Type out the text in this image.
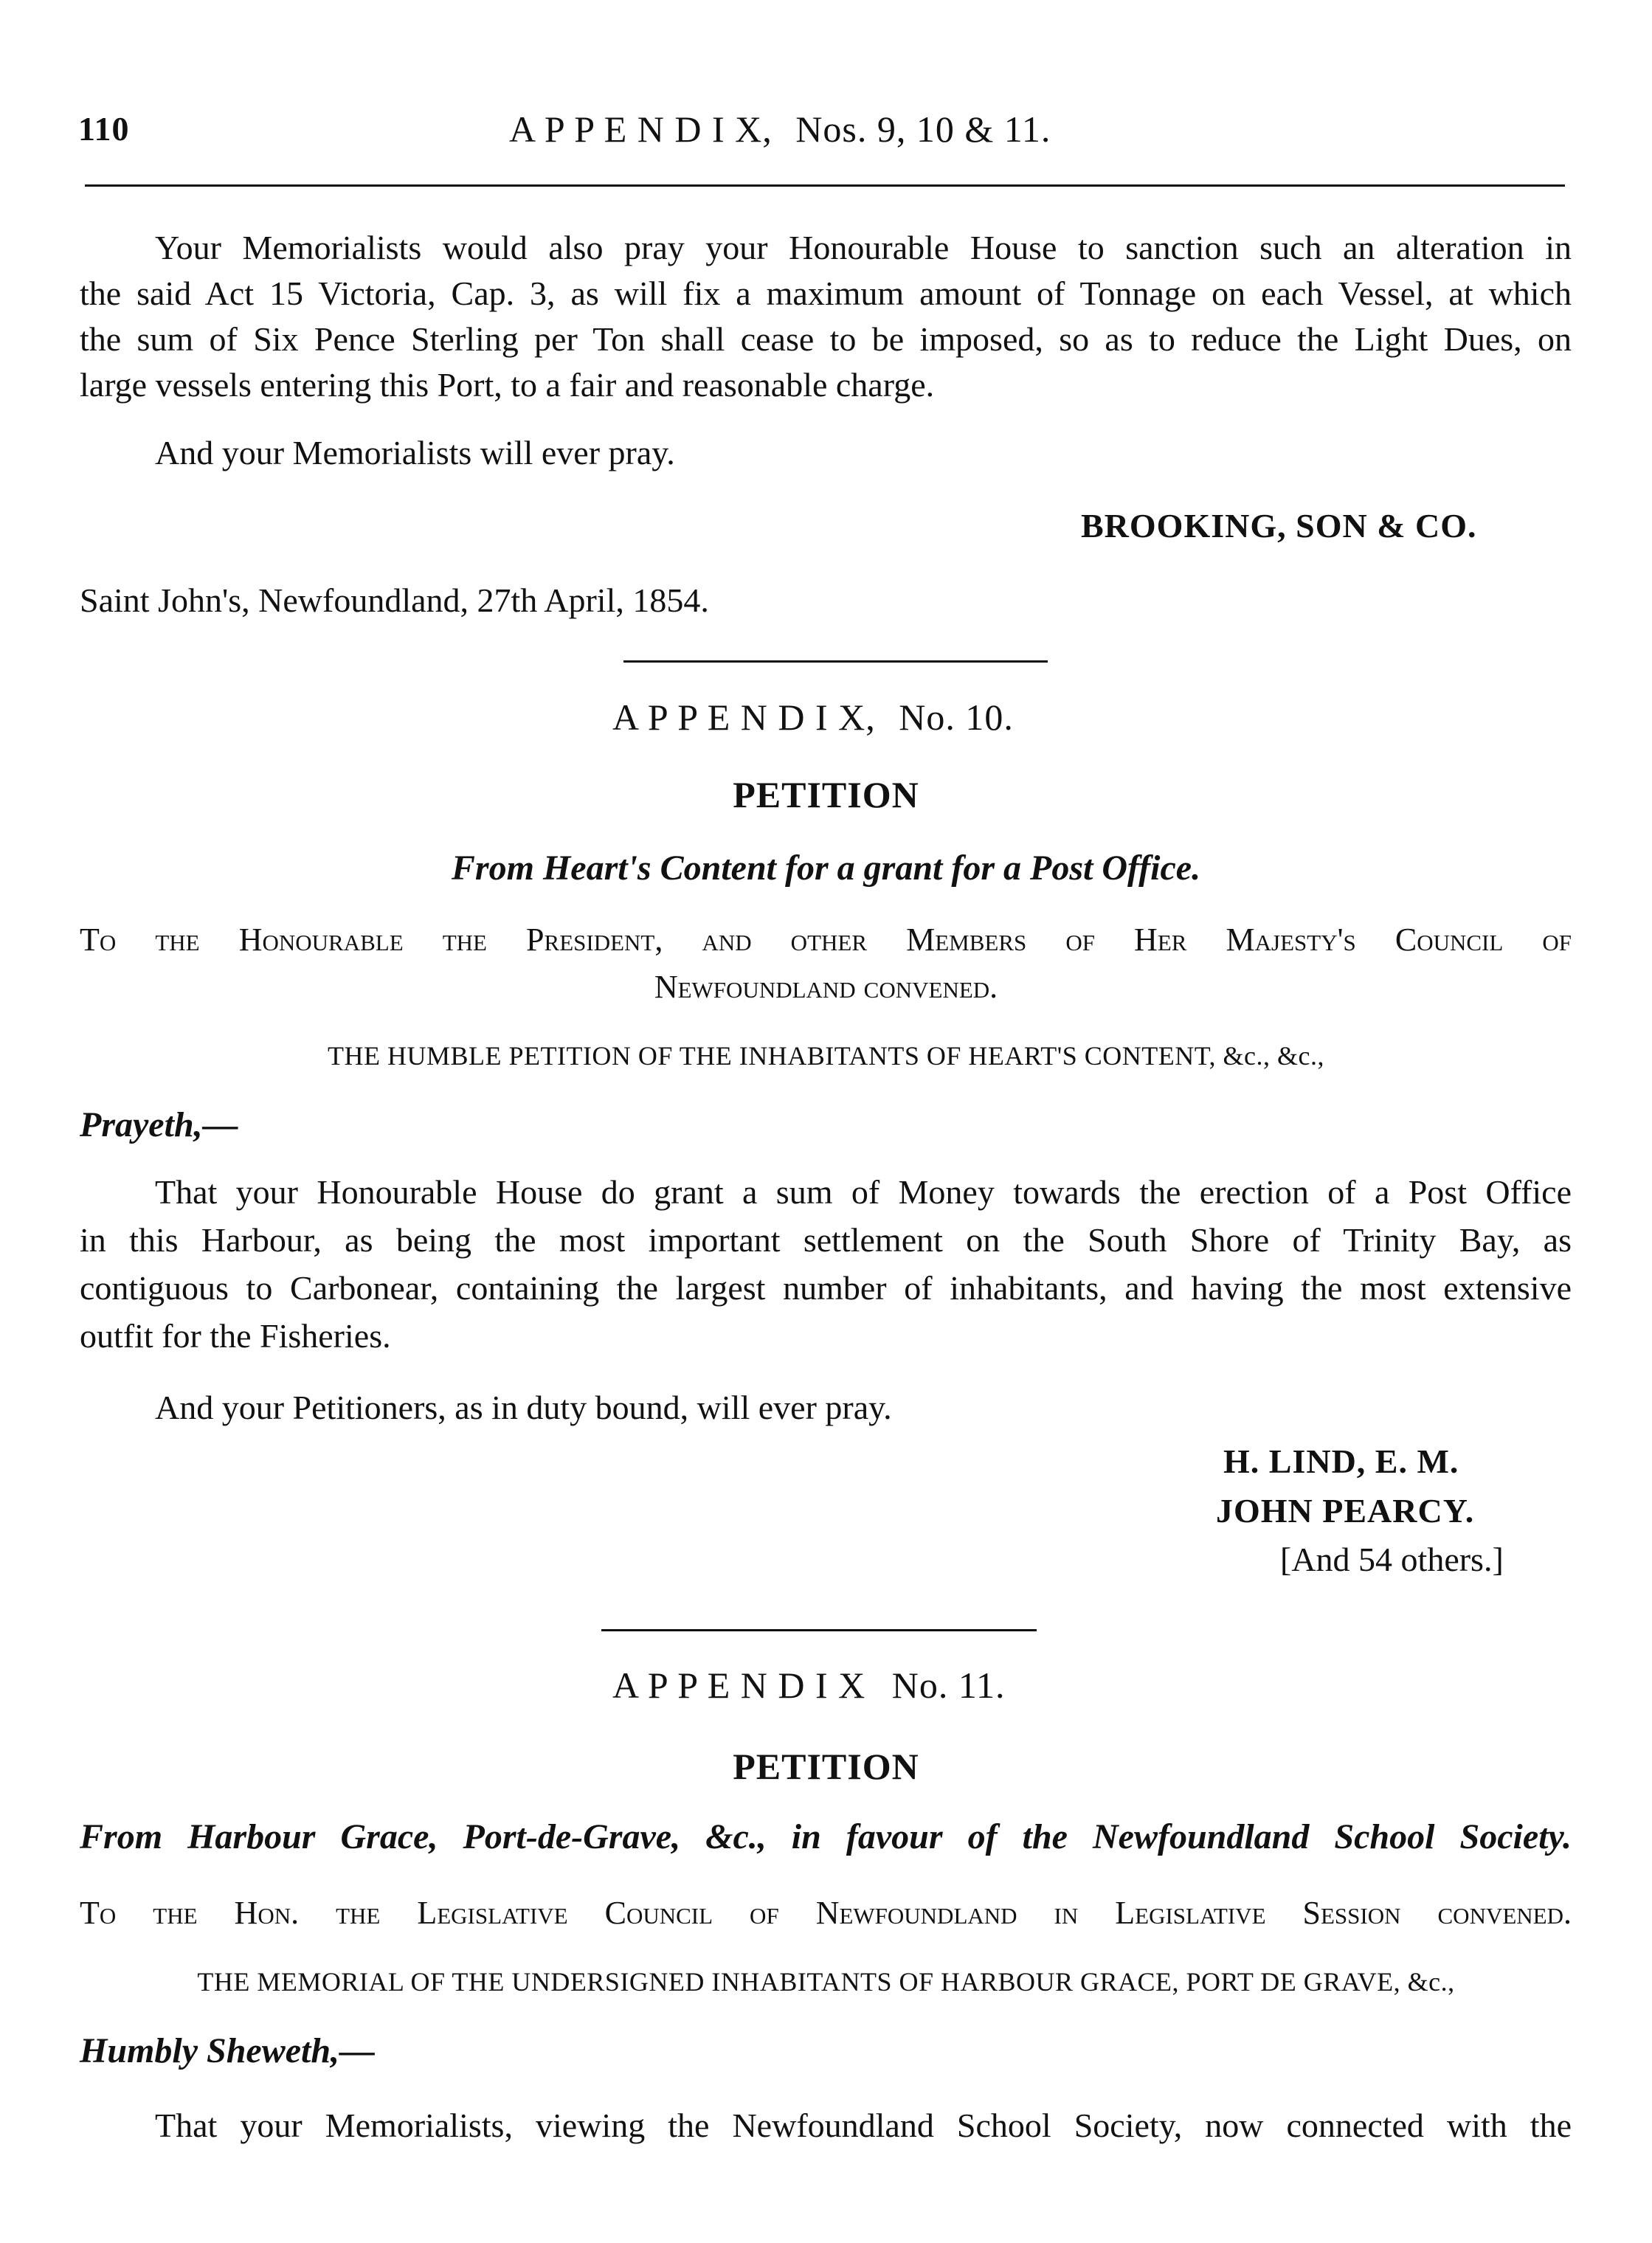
110	A P P E N D I X, Nos. 9, 10 & 11.
Your Memorialists would also pray your Honourable House to sanction such an alteration in
the said Act 15 Victoria, Cap. 3, as will fix a maximum amount of Tonnage on each Vessel, at which
the sum of Six Pence Sterling per Ton shall cease to be imposed, so as to reduce the Light Dues, on
large vessels entering this Port, to a fair and reasonable charge.
And your Memorialists will ever pray.
BROOKING, SON & CO.
Saint John's, Newfoundland, 27th April, 1854.
A P P E N D I X, No. 10.
PETITION
From Heart's Content for a grant for a Post Office.
To the Honourable the President, and other Members of Her Majesty's Council of
Newfoundland convened.
THE HUMBLE PETITION OF THE INHABITANTS OF HEART'S CONTENT, &c., &c.,
Prayeth,—
That your Honourable House do grant a sum of Money towards the erection of a Post Office
in this Harbour, as being the most important settlement on the South Shore of Trinity Bay, as
contiguous to Carbonear, containing the largest number of inhabitants, and having the most extensive
outfit for the Fisheries.
And your Petitioners, as in duty bound, will ever pray.
H. LIND, E. M.
JOHN PEARCY.
[And 54 others.]
A P P E N D I X No. 11.
PETITION
From Harbour Grace, Port-de-Grave, &c., in favour of the Newfoundland School Society.
To the Hon. the Legislative Council of Newfoundland in Legislative Session convened.
THE MEMORIAL OF THE UNDERSIGNED INHABITANTS OF HARBOUR GRACE, PORT DE GRAVE, &c.,
Humbly Sheweth,—
That your Memorialists, viewing the Newfoundland School Society, now connected with the
